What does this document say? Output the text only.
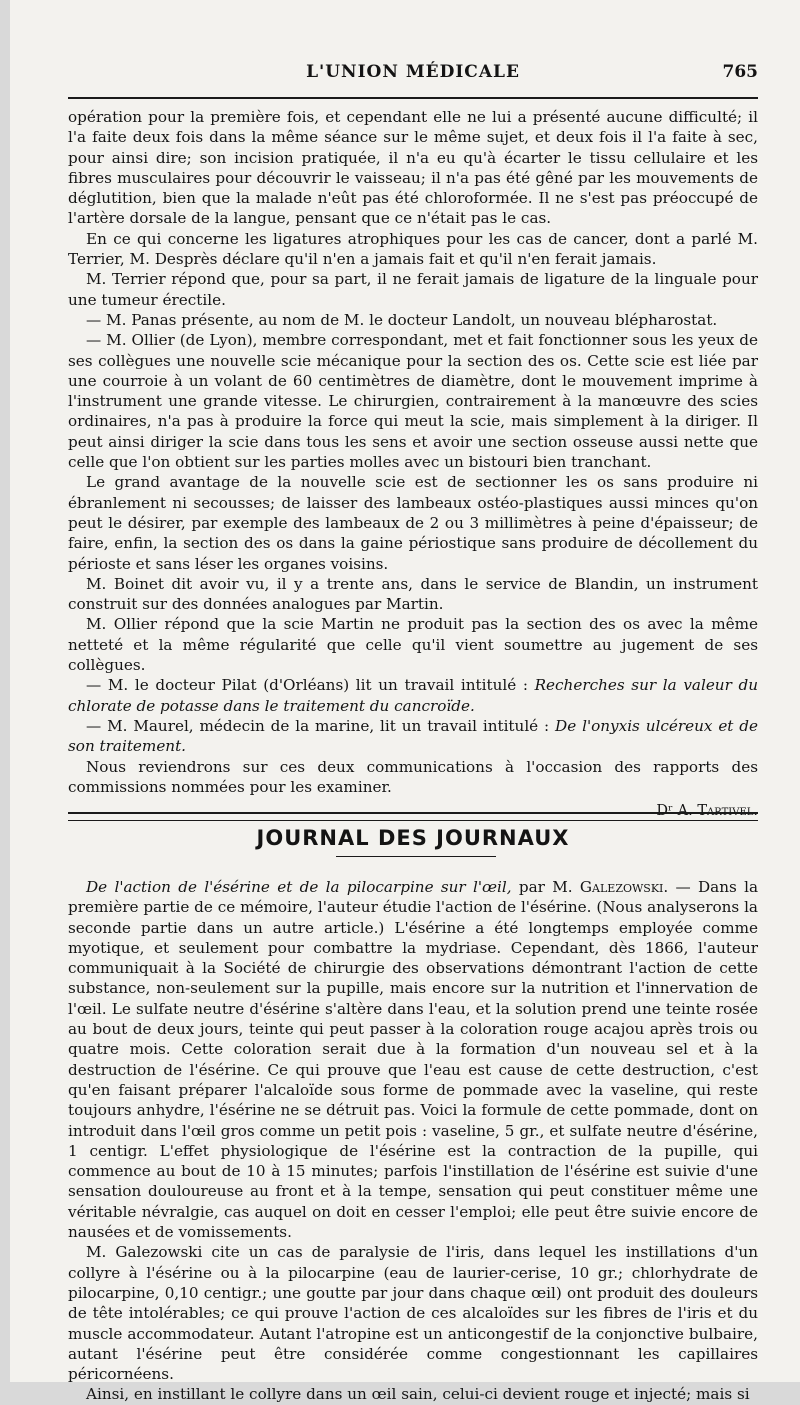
L'UNION MÉDICALE	765

opération pour la première fois, et cependant elle ne lui a présenté aucune difficulté; il l'a faite deux fois dans la même séance sur le même sujet, et deux fois il l'a faite à sec, pour ainsi dire; son incision pratiquée, il n'a eu qu'à écarter le tissu cellulaire et les fibres musculaires pour découvrir le vaisseau; il n'a pas été gêné par les mouvements de déglutition, bien que la malade n'eût pas été chloroformée. Il ne s'est pas préoccupé de l'artère dorsale de la langue, pensant que ce n'était pas le cas.

En ce qui concerne les ligatures atrophiques pour les cas de cancer, dont a parlé M. Terrier, M. Desprès déclare qu'il n'en a jamais fait et qu'il n'en ferait jamais.

M. Terrier répond que, pour sa part, il ne ferait jamais de ligature de la linguale pour une tumeur érectile.

— M. Panas présente, au nom de M. le docteur Landolt, un nouveau blépharostat.

— M. Ollier (de Lyon), membre correspondant, met et fait fonctionner sous les yeux de ses collègues une nouvelle scie mécanique pour la section des os. Cette scie est liée par une courroie à un volant de 60 centimètres de diamètre, dont le mouvement imprime à l'instrument une grande vitesse. Le chirurgien, contrairement à la manœuvre des scies ordinaires, n'a pas à produire la force qui meut la scie, mais simplement à la diriger. Il peut ainsi diriger la scie dans tous les sens et avoir une section osseuse aussi nette que celle que l'on obtient sur les parties molles avec un bistouri bien tranchant.

Le grand avantage de la nouvelle scie est de sectionner les os sans produire ni ébranlement ni secousses; de laisser des lambeaux ostéo-plastiques aussi minces qu'on peut le désirer, par exemple des lambeaux de 2 ou 3 millimètres à peine d'épaisseur; de faire, enfin, la section des os dans la gaine périostique sans produire de décollement du périoste et sans léser les organes voisins.

M. Boinet dit avoir vu, il y a trente ans, dans le service de Blandin, un instrument construit sur des données analogues par Martin.

M. Ollier répond que la scie Martin ne produit pas la section des os avec la même netteté et la même régularité que celle qu'il vient soumettre au jugement de ses collègues.

— M. le docteur Pilat (d'Orléans) lit un travail intitulé : Recherches sur la valeur du chlorate de potasse dans le traitement du cancroïde.

— M. Maurel, médecin de la marine, lit un travail intitulé : De l'onyxis ulcéreux et de son traitement.

Nous reviendrons sur ces deux communications à l'occasion des rapports des commissions nommées pour les examiner.

Dʳ A. Tartivel.
JOURNAL DES JOURNAUX

De l'action de l'ésérine et de la pilocarpine sur l'œil, par M. Galezowski. — Dans la première partie de ce mémoire, l'auteur étudie l'action de l'ésérine. (Nous analyserons la seconde partie dans un autre article.) L'ésérine a été longtemps employée comme myotique, et seulement pour combattre la mydriase. Cependant, dès 1866, l'auteur communiquait à la Société de chirurgie des observations démontrant l'action de cette substance, non-seulement sur la pupille, mais encore sur la nutrition et l'innervation de l'œil. Le sulfate neutre d'ésérine s'altère dans l'eau, et la solution prend une teinte rosée au bout de deux jours, teinte qui peut passer à la coloration rouge acajou après trois ou quatre mois. Cette coloration serait due à la formation d'un nouveau sel et à la destruction de l'ésérine. Ce qui prouve que l'eau est cause de cette destruction, c'est qu'en faisant préparer l'alcaloïde sous forme de pommade avec la vaseline, qui reste toujours anhydre, l'ésérine ne se détruit pas. Voici la formule de cette pommade, dont on introduit dans l'œil gros comme un petit pois : vaseline, 5 gr., et sulfate neutre d'ésérine, 1 centigr. L'effet physiologique de l'ésérine est la contraction de la pupille, qui commence au bout de 10 à 15 minutes; parfois l'instillation de l'ésérine est suivie d'une sensation douloureuse au front et à la tempe, sensation qui peut constituer même une véritable névralgie, cas auquel on doit en cesser l'emploi; elle peut être suivie encore de nausées et de vomissements.

M. Galezowski cite un cas de paralysie de l'iris, dans lequel les instillations d'un collyre à l'ésérine ou à la pilocarpine (eau de laurier-cerise, 10 gr.; chlorhydrate de pilocarpine, 0,10 centigr.; une goutte par jour dans chaque œil) ont produit des douleurs de tête intolérables; ce qui prouve l'action de ces alcaloïdes sur les fibres de l'iris et du muscle accommodateur. Autant l'atropine est un anticongestif de la conjonctive bulbaire, autant l'ésérine peut être considérée comme congestionnant les capillaires péricornéens.

Ainsi, en instillant le collyre dans un œil sain, celui-ci devient rouge et injecté; mais si
